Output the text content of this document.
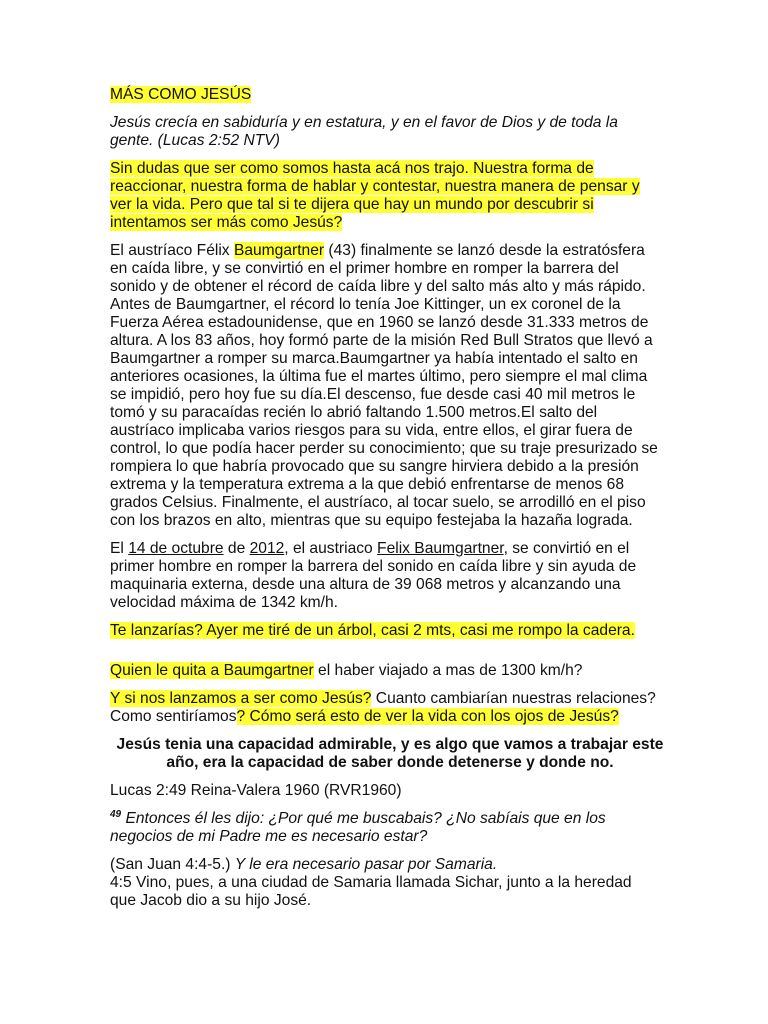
MÁS COMO JESÚS
Jesús crecía en sabiduría y en estatura, y en el favor de Dios y de toda la
gente. (Lucas 2:52 NTV)
Sin dudas que ser como somos hasta acá nos trajo. Nuestra forma de
reaccionar, nuestra forma de hablar y contestar, nuestra manera de pensar y
ver la vida. Pero que tal si te dijera que hay un mundo por descubrir si
intentamos ser más como Jesús?
El austríaco Félix Baumgartner (43) finalmente se lanzó desde la estratósfera
en caída libre, y se convirtió en el primer hombre en romper la barrera del
sonido y de obtener el récord de caída libre y del salto más alto y más rápido.
Antes de Baumgartner, el récord lo tenía Joe Kittinger, un ex coronel de la
Fuerza Aérea estadounidense, que en 1960 se lanzó desde 31.333 metros de
altura. A los 83 años, hoy formó parte de la misión Red Bull Stratos que llevó a
Baumgartner a romper su marca.Baumgartner ya había intentado el salto en
anteriores ocasiones, la última fue el martes último, pero siempre el mal clima
se impidió, pero hoy fue su día.El descenso, fue desde casi 40 mil metros le
tomó y su paracaídas recién lo abrió faltando 1.500 metros.El salto del
austríaco implicaba varios riesgos para su vida, entre ellos, el girar fuera de
control, lo que podía hacer perder su conocimiento; que su traje presurizado se
rompiera lo que habría provocado que su sangre hirviera debido a la presión
extrema y la temperatura extrema a la que debió enfrentarse de menos 68
grados Celsius. Finalmente, el austríaco, al tocar suelo, se arrodilló en el piso
con los brazos en alto, mientras que su equipo festejaba la hazaña lograda.
El 14 de octubre de 2012, el austriaco Felix Baumgartner, se convirtió en el
primer hombre en romper la barrera del sonido en caída libre y sin ayuda de
maquinaria externa, desde una altura de 39 068 metros y alcanzando una
velocidad máxima de 1342 km/h.
Te lanzarías? Ayer me tiré de un árbol, casi 2 mts, casi me rompo la cadera.
Quien le quita a Baumgartner el haber viajado a mas de 1300 km/h?
Y si nos lanzamos a ser como Jesús? Cuanto cambiarían nuestras relaciones?
Como sentiríamos? Cómo será esto de ver la vida con los ojos de Jesús?
Jesús tenia una capacidad admirable, y es algo que vamos a trabajar este
año, era la capacidad de saber donde detenerse y donde no.
Lucas 2:49 Reina-Valera 1960 (RVR1960)
$^{49}$ Entonces él les dijo: ¿Por qué me buscabais? ¿No sabíais que en los
negocios de mi Padre me es necesario estar?
(San Juan 4:4-5.) Y le era necesario pasar por Samaria.
4:5 Vino, pues, a una ciudad de Samaria llamada Sichar, junto a la heredad
que Jacob dio a su hijo José.
